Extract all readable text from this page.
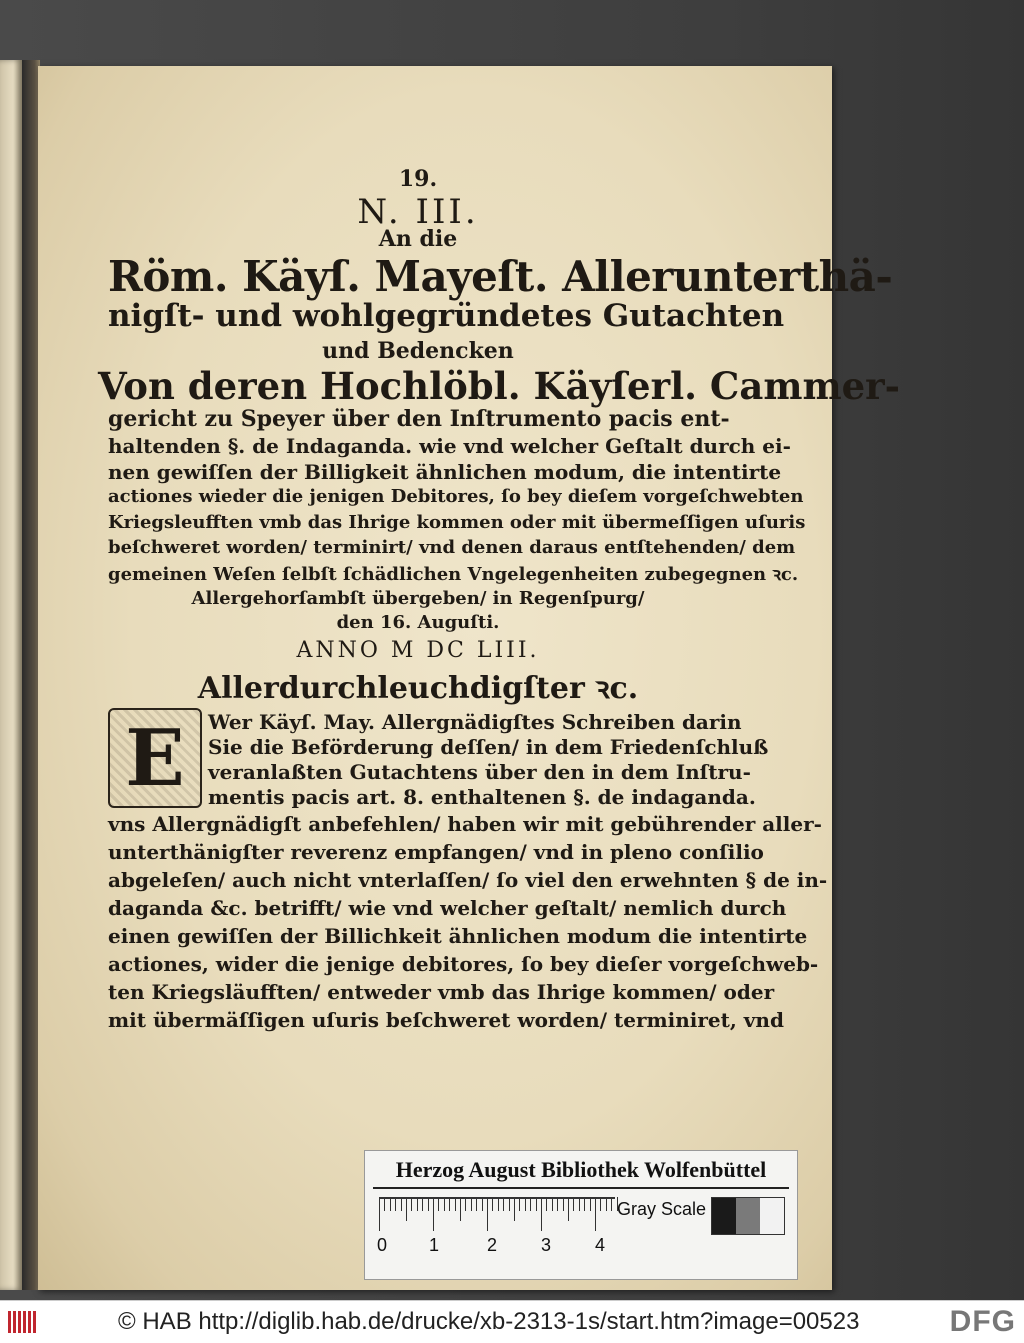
19.
N. III.
An die
Röm. Käyſ. Mayeſt. Allerunterthä-
nigſt- und wohlgegründetes Gutachten
und Bedencken
Von deren Hochlöbl. Käyſerl. Cammer-
gericht zu Speyer über den Inſtrumento pacis ent-
haltenden §. de Indaganda. wie vnd welcher Geſtalt durch ei-
nen gewiſſen der Billigkeit ähnlichen modum, die intentirte
actiones wieder die jenigen Debitores, ſo bey dieſem vorgeſchwebten
Kriegsleufften vmb das Ihrige kommen oder mit übermeſſigen uſuris
beſchweret worden/ terminirt/ vnd denen daraus entſtehenden/ dem
gemeinen Weſen ſelbſt ſchädlichen Vngelegenheiten zubegegnen ꝛc.
Allergehorſambſt übergeben/ in Regenſpurg/
den 16. Auguſti.
ANNO M DC LIII.
Allerdurchleuchdigſter ꝛc.
E	Wer Käyſ. May. Allergnädigſtes Schreiben darin
Sie die Beförderung deſſen/ in dem Friedenſchluß
veranlaßten Gutachtens über den in dem Inſtru-
mentis pacis art. 8. enthaltenen §. de indaganda.
vns Allergnädigſt anbefehlen/ haben wir mit gebührender aller-
unterthänigſter reverenz empfangen/ vnd in pleno conſilio
abgeleſen/ auch nicht vnterlaſſen/ ſo viel den erwehnten § de in-
daganda &c. betrifft/ wie vnd welcher geſtalt/ nemlich durch
einen gewiſſen der Billichkeit ähnlichen modum die intentirte
actiones, wider die jenige debitores, ſo bey dieſer vorgeſchweb-
ten Kriegsläufften/ entweder vmb das Ihrige kommen/ oder
mit übermäſſigen uſuris beſchweret worden/ terminiret, vnd
Herzog August Bibliothek Wolfenbüttel
0 1	2 3 4
Gray Scale
© HAB http://diglib.hab.de/drucke/xb-2313-1s/start.htm?image=00523	DFG
